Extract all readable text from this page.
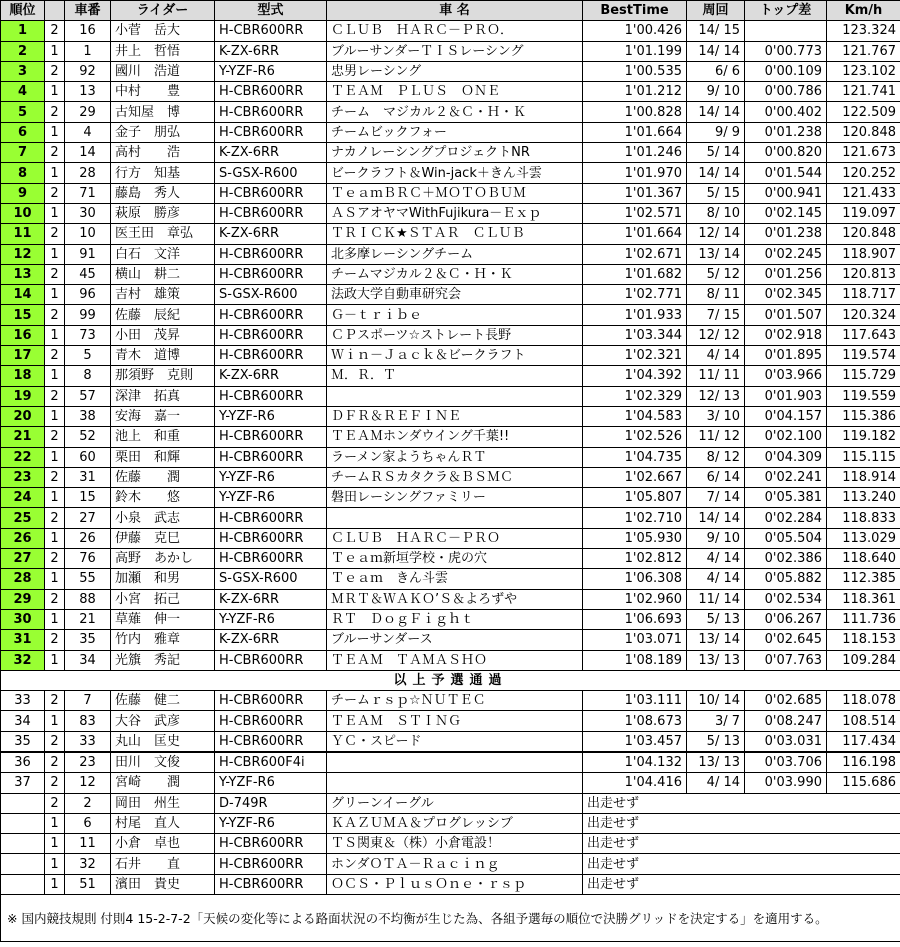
順位		車番	ライダー	型式	車 名	BestTime	周回	トップ差	Km/h
1	2	16	小菅　岳大	H-CBR600RR	ＣＬＵＢ　ＨＡＲＣ－ＰＲＯ．	1'00.426	14/ 15		123.324
2	1	1	井上　哲悟	K-ZX-6RR	ブルーサンダーＴＩＳレーシング	1'01.199	14/ 14	0'00.773	121.767
3	2	92	國川　浩道	Y-YZF-R6	忠男レーシング	1'00.535	6/ 6	0'00.109	123.102
4	1	13	中村　　豊	H-CBR600RR	ＴＥＡＭ　ＰＬＵＳ　ＯＮＥ	1'01.212	9/ 10	0'00.786	121.741
5	2	29	古知屋　博	H-CBR600RR	チーム　マジカル２＆Ｃ・Ｈ・Ｋ	1'00.828	14/ 14	0'00.402	122.509
6	1	4	金子　朋弘	H-CBR600RR	チームビックフォー	1'01.664	9/ 9	0'01.238	120.848
7	2	14	高村　　浩	K-ZX-6RR	ナカノレーシングプロジェクトNR	1'01.246	5/ 14	0'00.820	121.673
8	1	28	行方　知基	S-GSX-R600	ビークラフト＆Win-jack＋きん斗雲	1'01.970	14/ 14	0'01.544	120.252
9	2	71	藤島　秀人	H-CBR600RR	ＴｅａｍＢＲＣ＋ＭＯＴＯＢＵＭ	1'01.367	5/ 15	0'00.941	121.433
10	1	30	萩原　勝彦	H-CBR600RR	ＡＳアオヤマWithFujikura－Ｅｘｐ	1'02.571	8/ 10	0'02.145	119.097
11	2	10	医王田　章弘	K-ZX-6RR	ＴＲＩＣＫ★ＳＴＡＲ　ＣＬＵＢ	1'01.664	12/ 14	0'01.238	120.848
12	1	91	白石　文洋	H-CBR600RR	北多摩レーシングチーム	1'02.671	13/ 14	0'02.245	118.907
13	2	45	横山　耕二	H-CBR600RR	チームマジカル２＆Ｃ・Ｈ・Ｋ	1'01.682	5/ 12	0'01.256	120.813
14	1	96	吉村　雄策	S-GSX-R600	法政大学自動車研究会	1'02.771	8/ 11	0'02.345	118.717
15	2	99	佐藤　辰紀	H-CBR600RR	Ｇ－ｔｒｉｂｅ	1'01.933	7/ 15	0'01.507	120.324
16	1	73	小田　茂昇	H-CBR600RR	ＣＰスポーツ☆ストレート長野	1'03.344	12/ 12	0'02.918	117.643
17	2	5	青木　道博	H-CBR600RR	Ｗｉｎ－Ｊａｃｋ＆ビークラフト	1'02.321	4/ 14	0'01.895	119.574
18	1	8	那須野　克則	K-ZX-6RR	Ｍ．Ｒ．Ｔ	1'04.392	11/ 11	0'03.966	115.729
19	2	57	深津　拓真	H-CBR600RR		1'02.329	12/ 13	0'01.903	119.559
20	1	38	安海　嘉一	Y-YZF-R6	ＤＦＲ＆ＲＥＦＩＮＥ	1'04.583	3/ 10	0'04.157	115.386
21	2	52	池上　和重	H-CBR600RR	ＴＥＡＭホンダウイング千葉!!	1'02.526	11/ 12	0'02.100	119.182
22	1	60	栗田　和輝	H-CBR600RR	ラーメン家ようちゃんＲＴ	1'04.735	8/ 12	0'04.309	115.115
23	2	31	佐藤　　潤	Y-YZF-R6	チームＲＳカタクラ＆ＢＳＭＣ	1'02.667	6/ 14	0'02.241	118.914
24	1	15	鈴木　　悠	Y-YZF-R6	磐田レーシングファミリー	1'05.807	7/ 14	0'05.381	113.240
25	2	27	小泉　武志	H-CBR600RR		1'02.710	14/ 14	0'02.284	118.833
26	1	26	伊藤　克巳	H-CBR600RR	ＣＬＵＢ　ＨＡＲＣ－ＰＲＯ	1'05.930	9/ 10	0'05.504	113.029
27	2	76	高野　あかし	H-CBR600RR	Ｔｅａｍ新垣学校・虎の穴	1'02.812	4/ 14	0'02.386	118.640
28	1	55	加瀬　和男	S-GSX-R600	Ｔｅａｍ　きん斗雲	1'06.308	4/ 14	0'05.882	112.385
29	2	88	小宮　拓己	K-ZX-6RR	ＭＲＴ＆ＷＡＫＯ’Ｓ＆よろずや	1'02.960	11/ 14	0'02.534	118.361
30	1	21	草薙　伸一	Y-YZF-R6	ＲＴ　ＤｏｇＦｉｇｈｔ	1'06.693	5/ 13	0'06.267	111.736
31	2	35	竹内　雅章	K-ZX-6RR	ブルーサンダース	1'03.071	13/ 14	0'02.645	118.153
32	1	34	光籏　秀記	H-CBR600RR	ＴＥＡＭ　ＴＡＭＡＳＨＯ	1'08.189	13/ 13	0'07.763	109.284
以上予選通過									
33	2	7	佐藤　健二	H-CBR600RR	チームｒｓｐ☆ＮＵＴＥＣ	1'03.111	10/ 14	0'02.685	118.078
34	1	83	大谷　武彦	H-CBR600RR	ＴＥＡＭ　ＳＴＩＮＧ	1'08.673	3/ 7	0'08.247	108.514
35	2	33	丸山　匡史	H-CBR600RR	ＹＣ・スピード	1'03.457	5/ 13	0'03.031	117.434
36	2	23	田川　文俊	H-CBR600F4i		1'04.132	13/ 13	0'03.706	116.198
37	2	12	宮崎　　潤	Y-YZF-R6		1'04.416	4/ 14	0'03.990	115.686
	2	2	岡田　州生	D-749R	グリーンイーグル	出走せず			
	1	6	村尾　直人	Y-YZF-R6	ＫＡＺＵＭＡ＆プログレッシブ	出走せず			
	1	11	小倉　卓也	H-CBR600RR	ＴＳ関東＆（株）小倉電設！	出走せず			
	1	32	石井　　直	H-CBR600RR	ホンダＯＴＡ－Ｒａｃｉｎｇ	出走せず			
	1	51	濱田　貴史	H-CBR600RR	ＯＣＳ・ＰｌｕｓＯｎｅ・ｒｓｐ	出走せず			
※ 国内競技規則 付則4 15-2-7-2「天候の変化等による路面状況の不均衡が生じた為、各組予選毎の順位で決勝グリッドを決定する」を適用する。									
